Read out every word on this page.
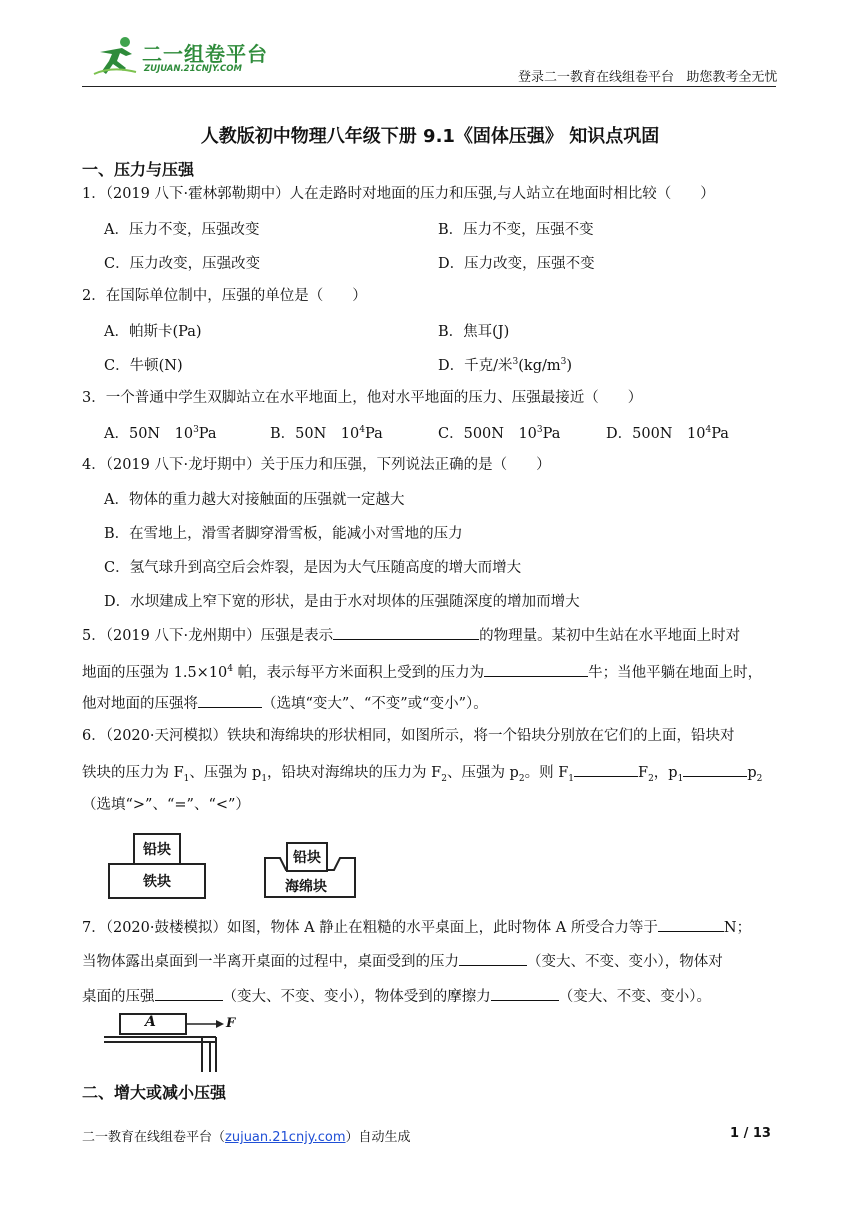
二一组卷平台
ZUJUAN.21CNJY.COM
登录二一教育在线组卷平台   助您教考全无忧
人教版初中物理八年级下册 9.1《固体压强》 知识点巩固
一、压力与压强
1．（2019 八下·霍林郭勒期中）人在走路时对地面的压力和压强,与人站立在地面时相比较（　　）
A．压力不变，压强改变	B．压力不变，压强不变
C．压力改变，压强改变	D．压力改变，压强不变
2．在国际单位制中，压强的单位是（　　）
A．帕斯卡(Pa)	B．焦耳(J)
C．牛顿(N)	D．千克/米$^3(kg/m^3)$
3．一个普通中学生双脚站立在水平地面上，他对水平地面的压力、压强最接近（　　）
A．50N　$10^3Pa$	B．50N　$10^4Pa$	C．500N　$10^3Pa$	D．500N　$10^4Pa$
4．（2019 八下·龙圩期中）关于压力和压强，下列说法正确的是（　　）
A．物体的重力越大对接触面的压强就一定越大
B．在雪地上，滑雪者脚穿滑雪板，能减小对雪地的压力
C．氢气球升到高空后会炸裂，是因为大气压随高度的增大而增大
D．水坝建成上窄下宽的形状，是由于水对坝体的压强随深度的增加而增大
5．（2019 八下·龙州期中）压强是表示	的物理量。某初中生站在水平地面上时对
地面的压强为 $1.5\times 10^4$ 帕，表示每平方米面积上受到的压力为	牛；当他平躺在地面上时，
他对地面的压强将	（选填“变大”、“不变”或“变小”）。
6．（2020·天河模拟）铁块和海绵块的形状相同，如图所示，将一个铅块分别放在它们的上面，铅块对
铁块的压力为 $F_1$、压强为 $p_1$，铅块对海绵块的压力为 $F_2$、压强为 $p_2$。则 $F_1$	$F_2$，$p_1$	$p_2$
（选填“>”、“=”、“<”）
铅块
铁块
铅块
海绵块
7．（2020·鼓楼模拟）如图，物体 A 静止在粗糙的水平桌面上，此时物体 A 所受合力等于	N；
当物体露出桌面到一半离开桌面的过程中，桌面受到的压力	（变大、不变、变小），物体对
桌面的压强	（变大、不变、变小），物体受到的摩擦力	（变大、不变、变小）。
A	F
二、增大或减小压强
二一教育在线组卷平台（zujuan.21cnjy.com）自动生成	1 / 13
